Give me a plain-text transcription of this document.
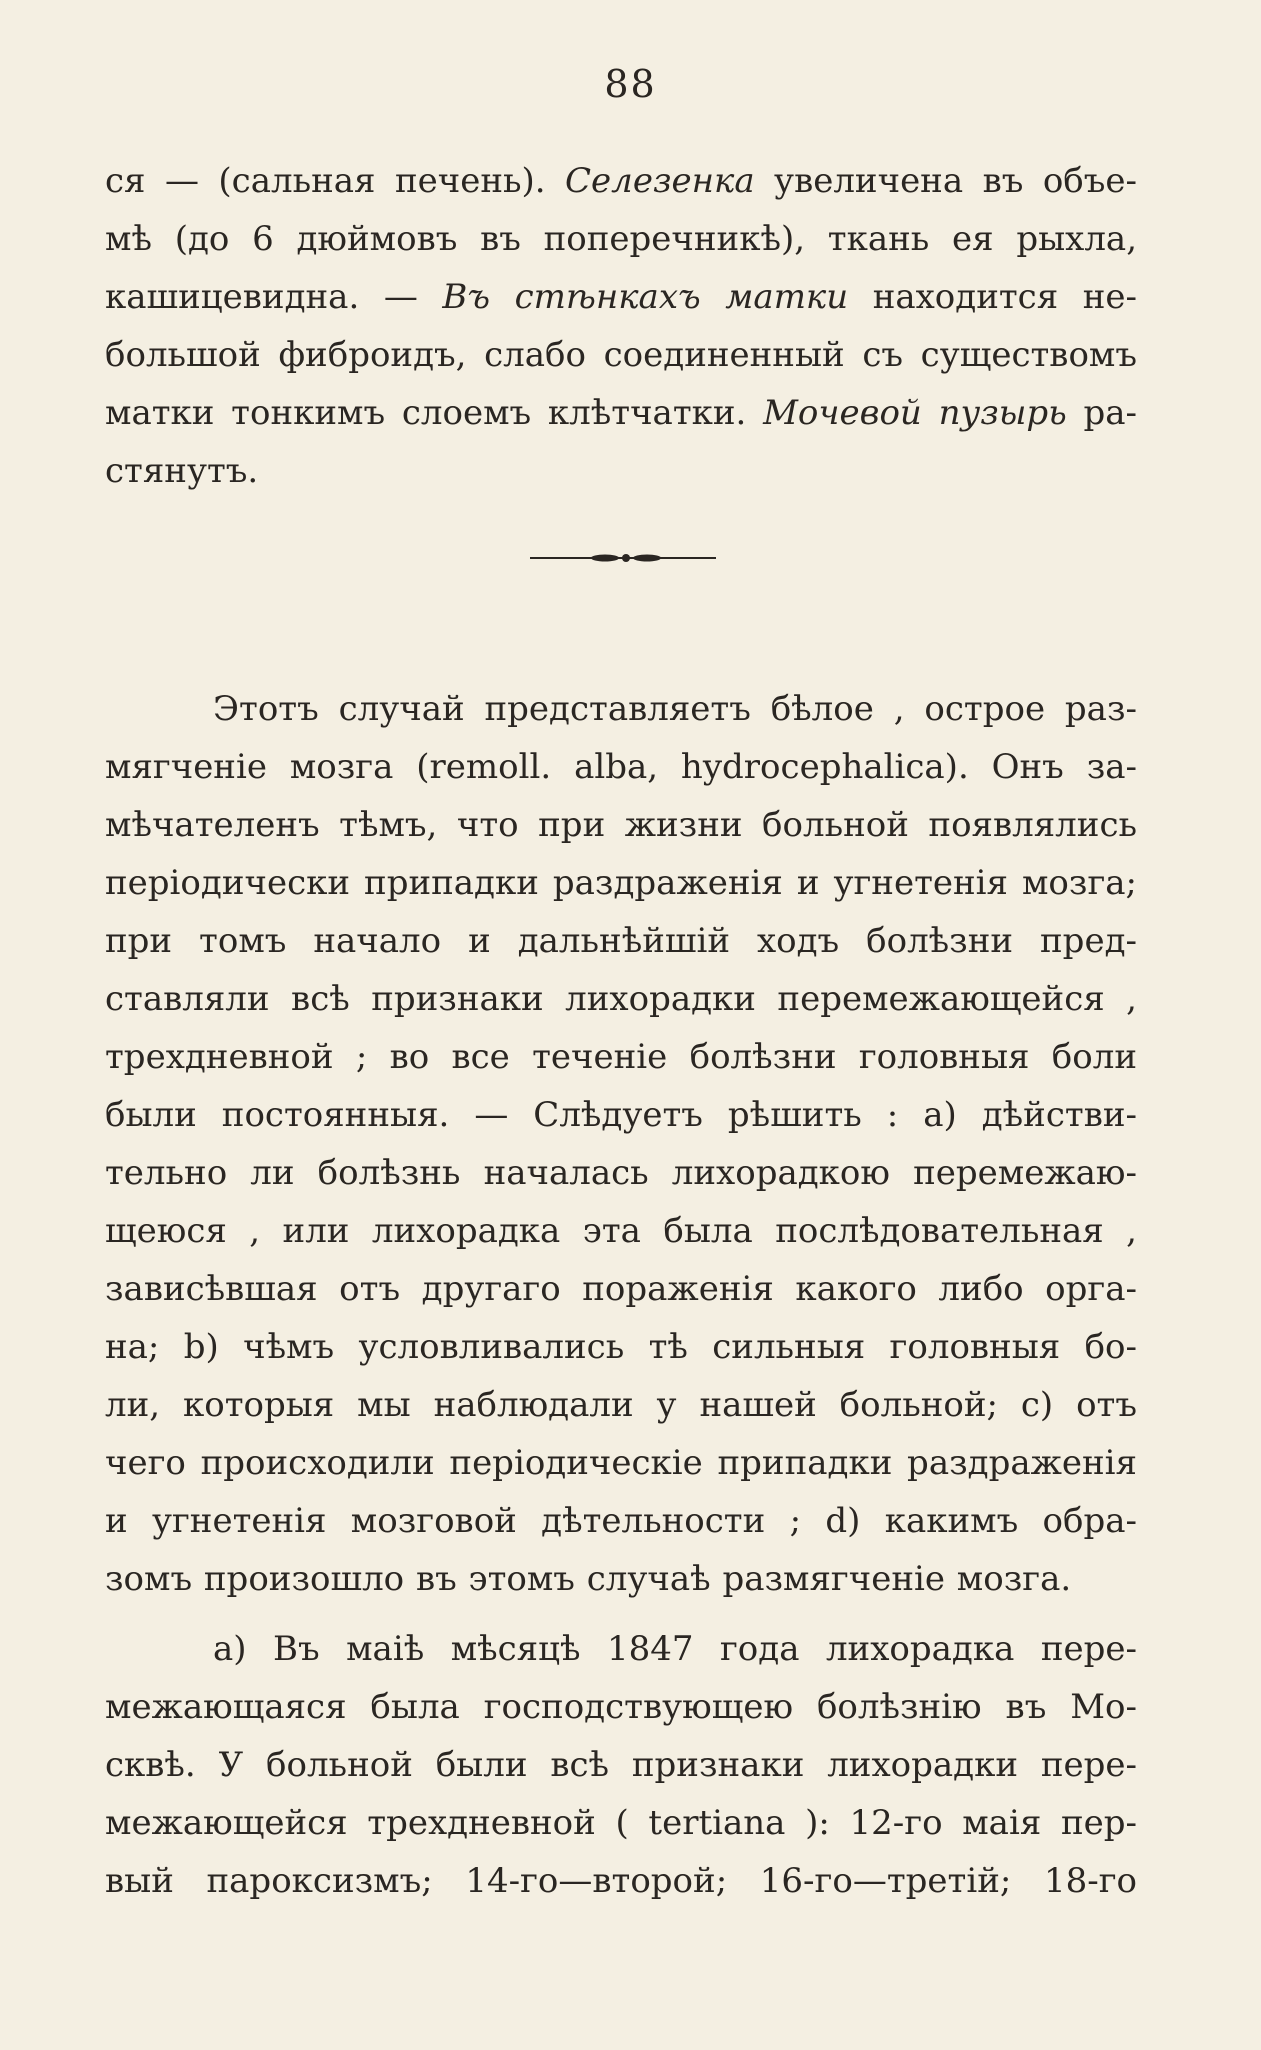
88
ся — (сальная печень). Селезенка увеличена въ объе-
мѣ (до 6 дюймовъ въ поперечникѣ), ткань ея рыхла,
кашицевидна. — Въ стѣнкахъ матки находится не-
большой фиброидъ, слабо соединенный съ существомъ
матки тонкимъ слоемъ клѣтчатки. Мочевой пузырь ра-
стянутъ.
Этотъ случай представляетъ бѣлое , острое раз-
мягченіе мозга (remoll. alba, hydrocephalica). Онъ за-
мѣчателенъ тѣмъ, что при жизни больной появлялись
періодически припадки раздраженія и угнетенія мозга;
при томъ начало и дальнѣйшій ходъ болѣзни пред-
ставляли всѣ признаки лихорадки перемежающейся ,
трехдневной ; во все теченіе болѣзни головныя боли
были постоянныя. — Слѣдуетъ рѣшить : a) дѣйстви-
тельно ли болѣзнь началась лихорадкою перемежаю-
щеюся , или лихорадка эта была послѣдовательная ,
зависѣвшая отъ другаго пораженія какого либо орга-
на; b) чѣмъ условливались тѣ сильныя головныя бо-
ли, которыя мы наблюдали у нашей больной; c) отъ
чего происходили періодическіе припадки раздраженія
и угнетенія мозговой дѣтельности ; d) какимъ обра-
зомъ произошло въ этомъ случаѣ размягченіе мозга.
a) Въ маіѣ мѣсяцѣ 1847 года лихорадка пере-
межающаяся была господствующею болѣзнію въ Мо-
сквѣ. У больной были всѣ признаки лихорадки пере-
межающейся трехдневной ( tertiana ): 12-го маія пер-
вый пароксизмъ; 14-го—второй; 16-го—третій; 18-го
